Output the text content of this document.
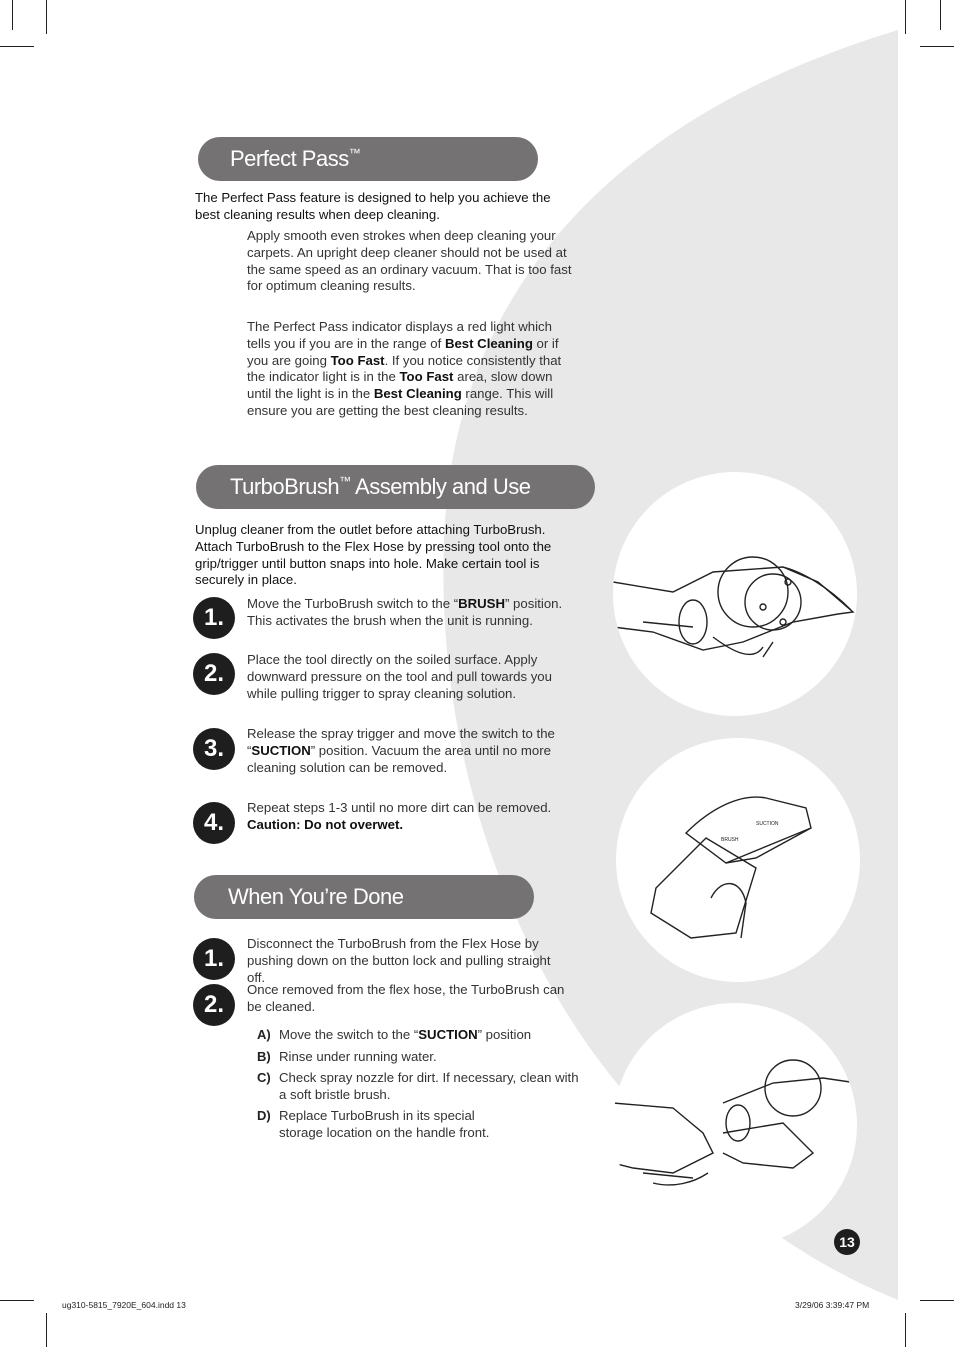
Perfect Pass™
The Perfect Pass feature is designed to help you achieve the best cleaning results when deep cleaning.
Apply smooth even strokes when deep cleaning your carpets. An upright deep cleaner should not be used at the same speed as an ordinary vacuum. That is too fast for optimum cleaning results.
The Perfect Pass indicator displays a red light which tells you if you are in the range of Best Cleaning or if you are going Too Fast. If you notice consistently that the indicator light is in the Too Fast area, slow down until the light is in the Best Cleaning range. This will ensure you are getting the best cleaning results.
TurboBrush™ Assembly and Use
Unplug cleaner from the outlet before attaching TurboBrush. Attach TurboBrush to the Flex Hose by pressing tool onto the grip/trigger until button snaps into hole. Make certain tool is securely in place.
1.
Move the TurboBrush switch to the “BRUSH” position. This activates the brush when the unit is running.
2.
Place the tool directly on the soiled surface. Apply downward pressure on the tool and pull towards you while pulling trigger to spray cleaning solution.
3.
Release the spray trigger and move the switch to the “SUCTION” position. Vacuum the area until no more cleaning solution can be removed.
4.
Repeat steps 1-3 until no more dirt can be removed.
Caution: Do not overwet.
When You’re Done
1.
Disconnect the TurboBrush from the Flex Hose by pushing down on the button lock and pulling straight off.
2.
Once removed from the flex hose, the TurboBrush can be cleaned.
A) Move the switch to the “SUCTION” position
B) Rinse under running water.
C) Check spray nozzle for dirt. If necessary, clean with a soft bristle brush.
D) Replace TurboBrush in its special storage location on the handle front.
BRUSH
SUCTION
13
ug310-5815_7920E_604.indd 13	3/29/06 3:39:47 PM
